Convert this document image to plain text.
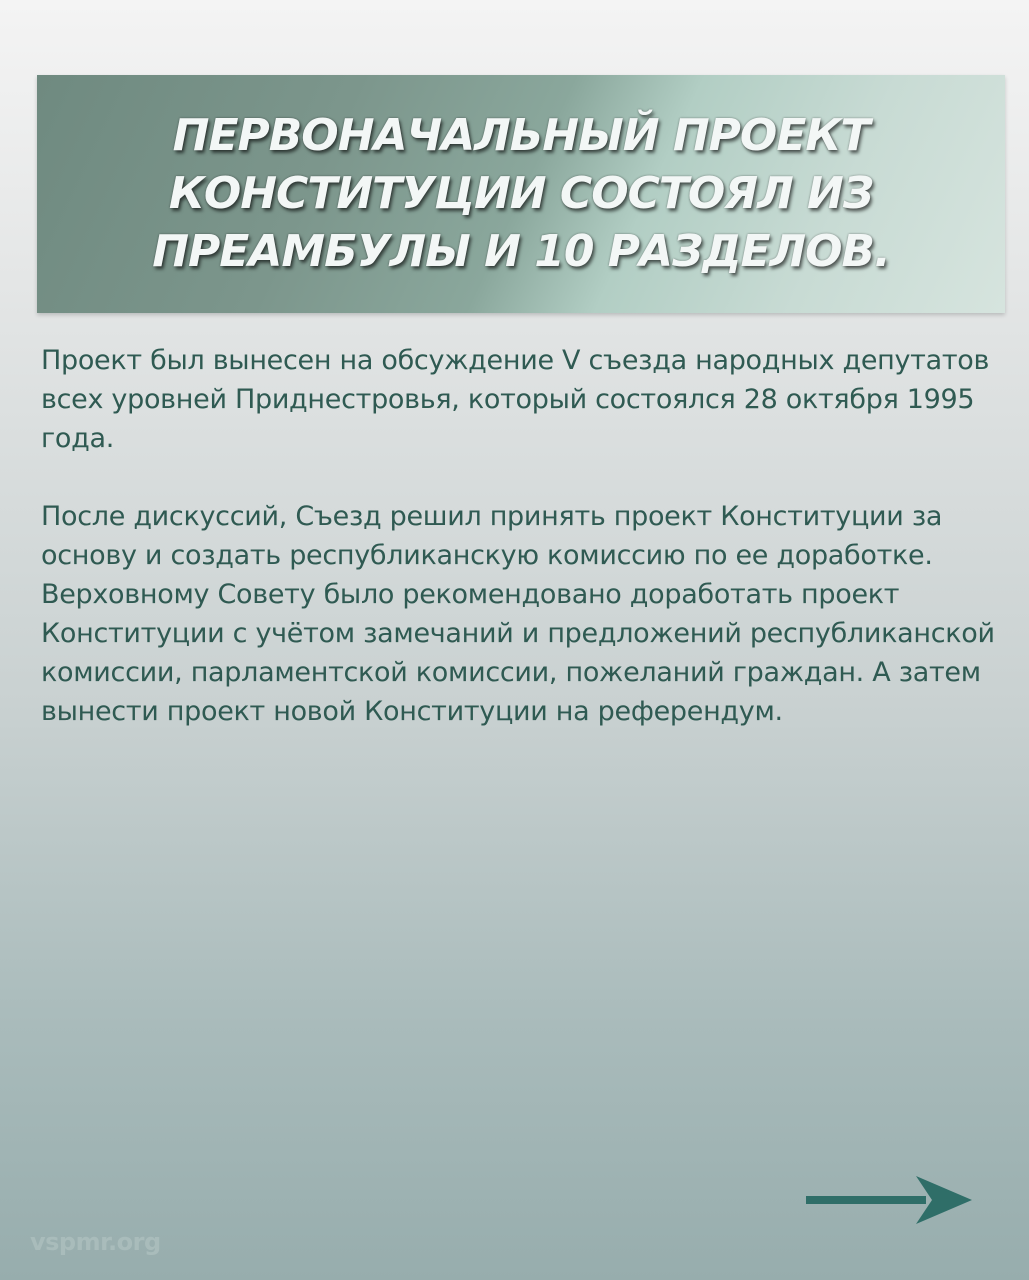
ПЕРВОНАЧАЛЬНЫЙ ПРОЕКТ КОНСТИТУЦИИ СОСТОЯЛ ИЗ ПРЕАМБУЛЫ И 10 РАЗДЕЛОВ.

Проект был вынесен на обсуждение V съезда народных депутатов всех уровней Приднестровья, который состоялся 28 октября 1995 года.

После дискуссий, Съезд решил принять проект Конституции за основу и создать республиканскую комиссию по ее доработке. Верховному Совету было рекомендовано доработать проект Конституции с учётом замечаний и предложений республиканской комиссии, парламентской комиссии, пожеланий граждан. А затем вынести проект новой Конституции на референдум.

vspmr.org
